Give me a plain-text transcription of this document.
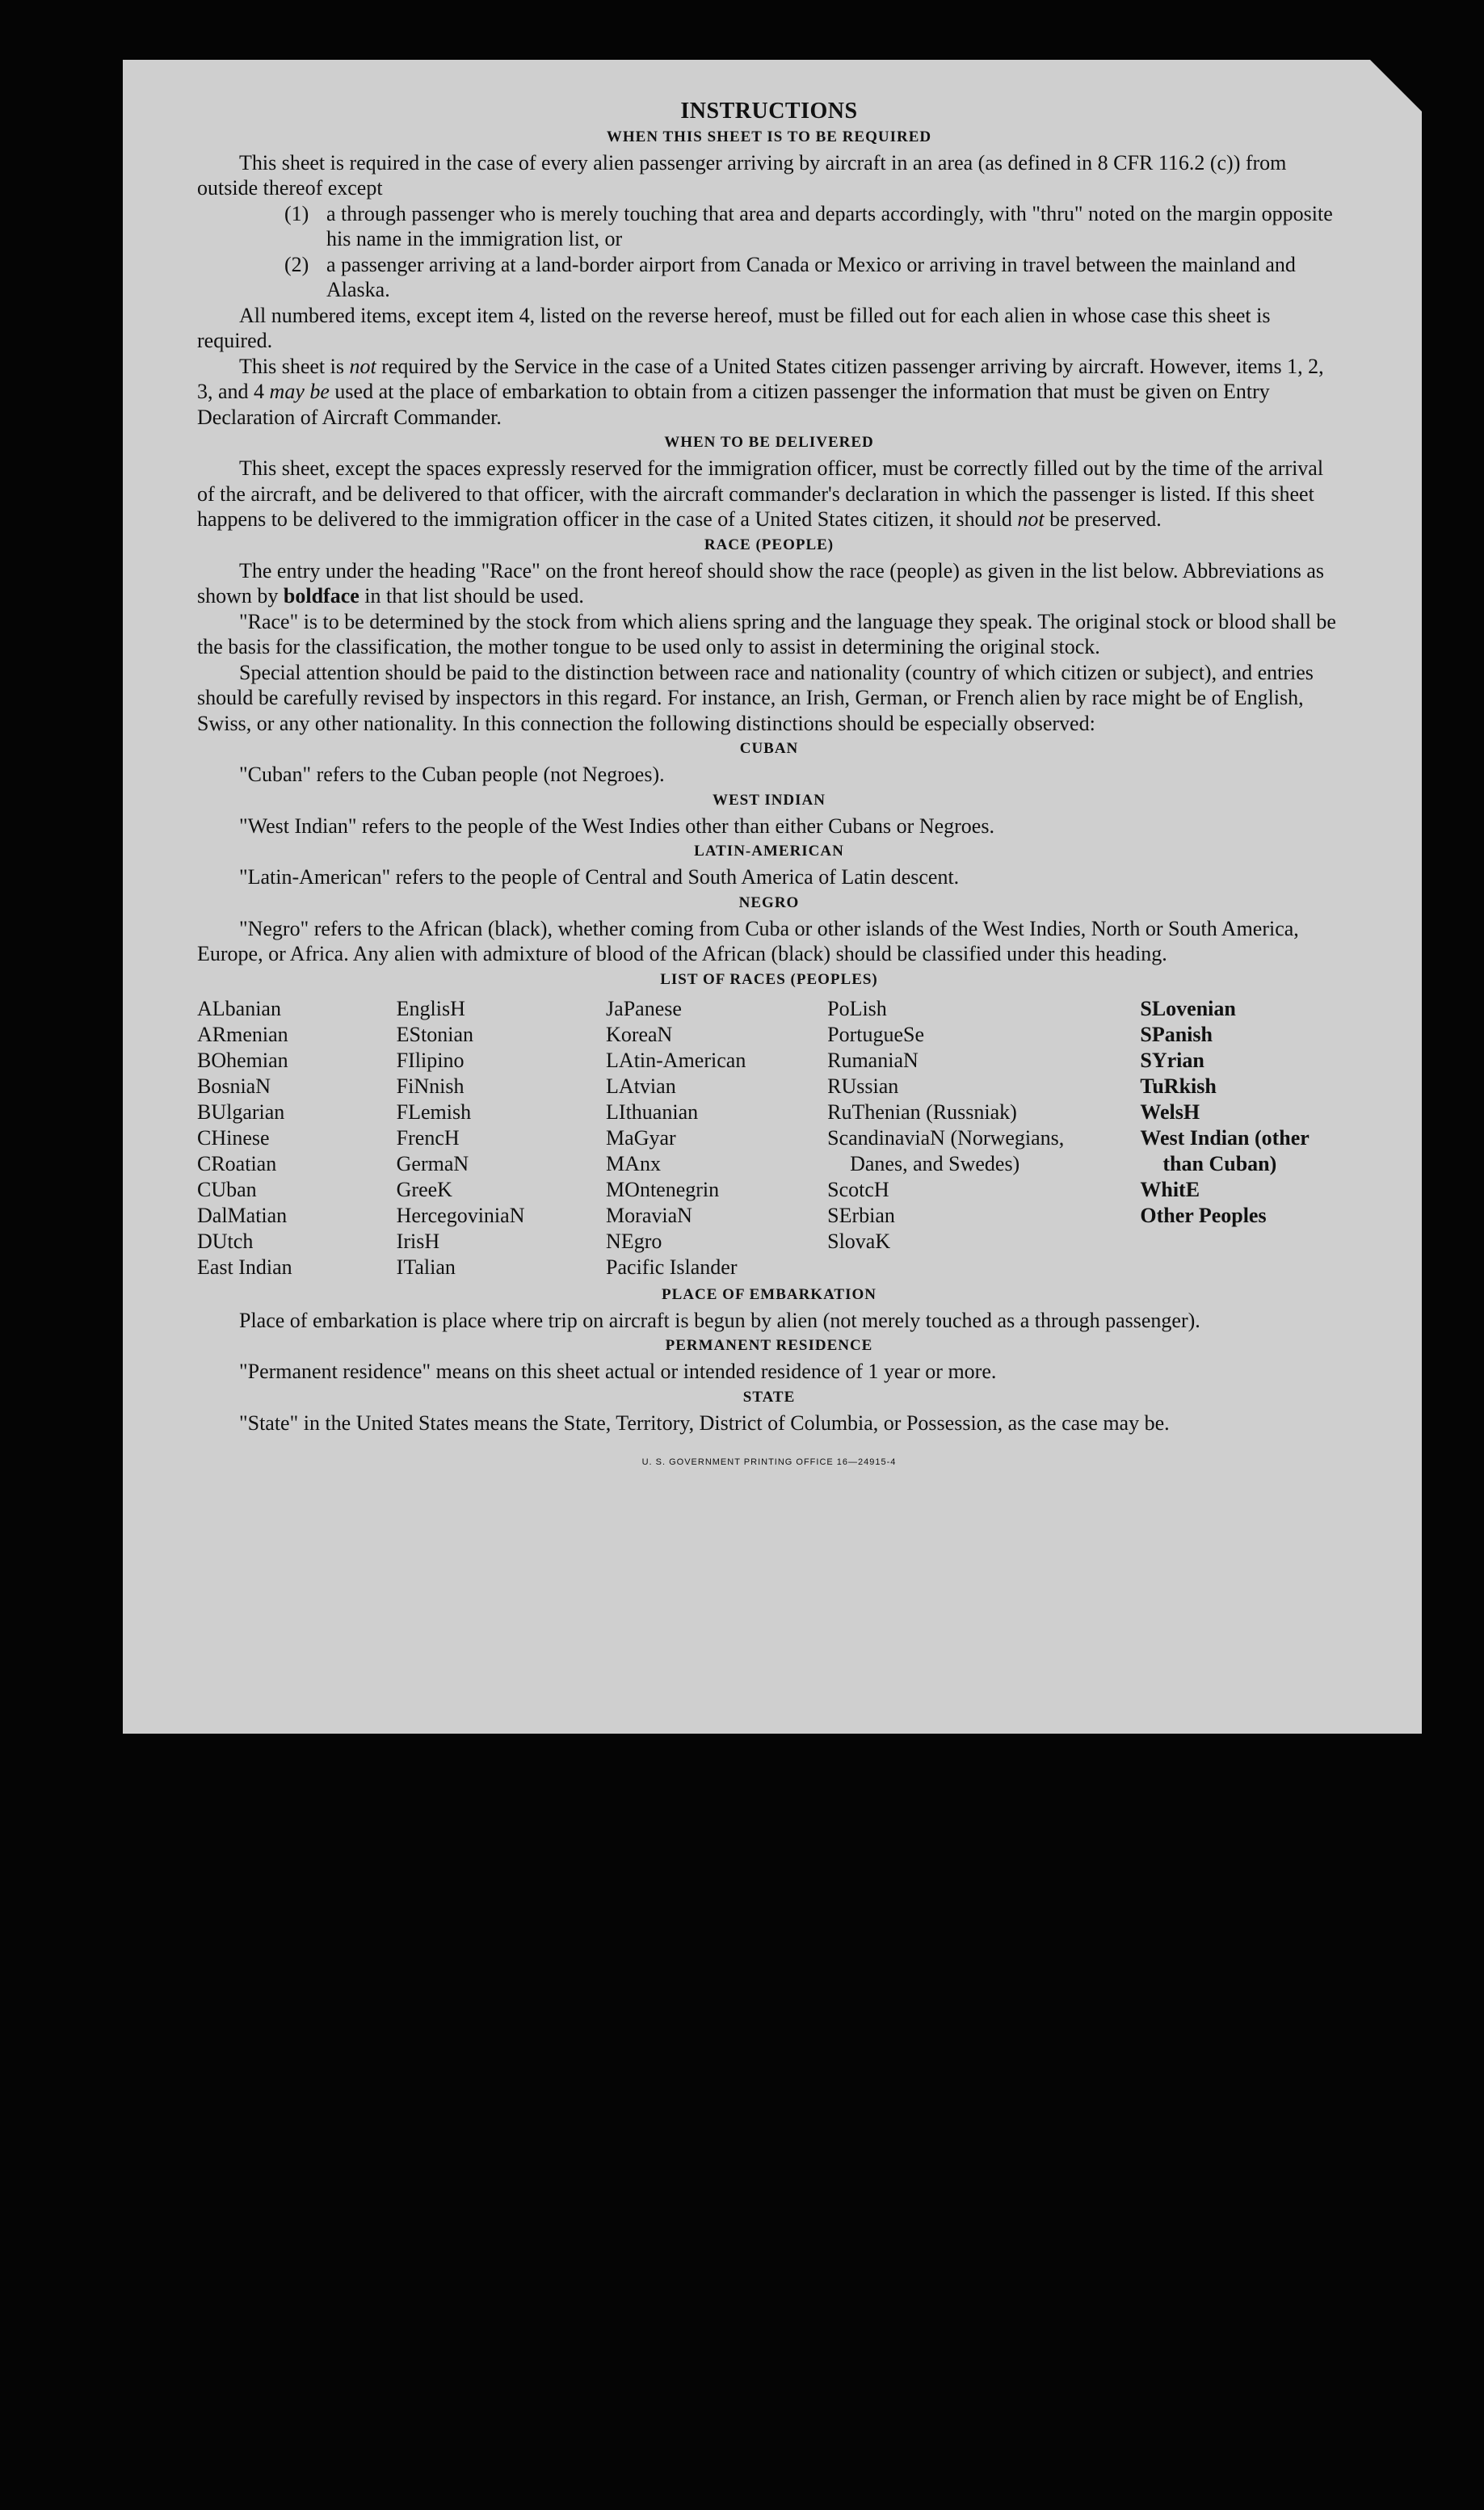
INSTRUCTIONS
WHEN THIS SHEET IS TO BE REQUIRED

This sheet is required in the case of every alien passenger arriving by aircraft in an area (as defined in 8 CFR 116.2 (c)) from outside thereof except

(1) a through passenger who is merely touching that area and departs accordingly, with "thru" noted on the margin opposite his name in the immigration list, or
(2) a passenger arriving at a land-border airport from Canada or Mexico or arriving in travel between the mainland and Alaska.

All numbered items, except item 4, listed on the reverse hereof, must be filled out for each alien in whose case this sheet is required.

This sheet is not required by the Service in the case of a United States citizen passenger arriving by aircraft. However, items 1, 2, 3, and 4 may be used at the place of embarkation to obtain from a citizen passenger the information that must be given on Entry Declaration of Aircraft Commander.

WHEN TO BE DELIVERED

This sheet, except the spaces expressly reserved for the immigration officer, must be correctly filled out by the time of the arrival of the aircraft, and be delivered to that officer, with the aircraft commander's declaration in which the passenger is listed. If this sheet happens to be delivered to the immigration officer in the case of a United States citizen, it should not be preserved.

RACE (PEOPLE)

The entry under the heading "Race" on the front hereof should show the race (people) as given in the list below. Abbreviations as shown by boldface in that list should be used.

"Race" is to be determined by the stock from which aliens spring and the language they speak. The original stock or blood shall be the basis for the classification, the mother tongue to be used only to assist in determining the original stock.

Special attention should be paid to the distinction between race and nationality (country of which citizen or subject), and entries should be carefully revised by inspectors in this regard. For instance, an Irish, German, or French alien by race might be of English, Swiss, or any other nationality. In this connection the following distinctions should be especially observed:

CUBAN

"Cuban" refers to the Cuban people (not Negroes).

WEST INDIAN

"West Indian" refers to the people of the West Indies other than either Cubans or Negroes.

LATIN-AMERICAN

"Latin-American" refers to the people of Central and South America of Latin descent.

NEGRO

"Negro" refers to the African (black), whether coming from Cuba or other islands of the West Indies, North or South America, Europe, or Africa. Any alien with admixture of blood of the African (black) should be classified under this heading.

LIST OF RACES (PEOPLES)
ALbanian
ARmenian
BOhemian
BosniaN
BUlgarian
CHinese
CRoatian
CUban
DalMatian
DUtch
East Indian
EnglisH
EStonian
FIlipino
FiNnish
FLemish
FrencH
GermaN
GreeK
HercegoviniaN
IrisH
ITalian
JaPanese
KoreaN
LAtin-American
LAtvian
LIthuanian
MaGyar
MAnx
MOntenegrin
MoraviaN
NEgro
Pacific Islander
PoLish
PortugueSe
RumaniaN
RUssian
RuThenian (Russniak)
ScandinaviaN (Norwegians, Danes, and Swedes)
ScotcH
SErbian
SlovaK
SLovenian
SPanish
SYrian
TuRkish
WelsH
West Indian (other than Cuban)
WhitE
Other Peoples
PLACE OF EMBARKATION

Place of embarkation is place where trip on aircraft is begun by alien (not merely touched as a through passenger).

PERMANENT RESIDENCE

"Permanent residence" means on this sheet actual or intended residence of 1 year or more.

STATE

"State" in the United States means the State, Territory, District of Columbia, or Possession, as the case may be.

U. S. GOVERNMENT PRINTING OFFICE 16—24915-4
